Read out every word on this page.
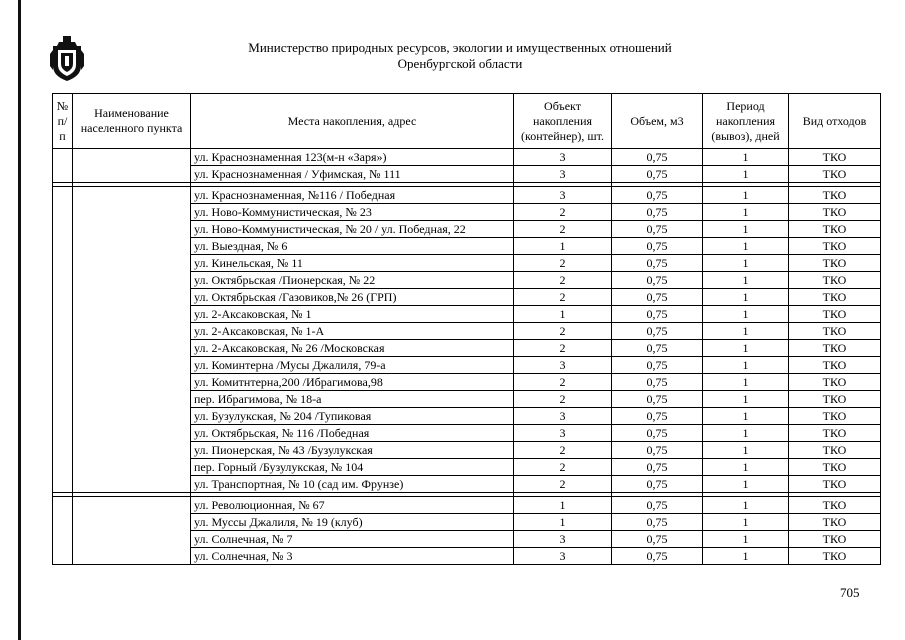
Министерство природных ресурсов, экологии и имущественных отношений
Оренбургской области
№ п/п	Наименование населенного пункта	Места накопления, адрес	Объект накопления (контейнер), шт.	Объем, м3	Период накопления (вывоз), дней	Вид отходов
		ул. Краснознаменная 123(м-н «Заря»)	3	0,75	1	ТКО
		ул. Краснознаменная / Уфимская, № 111	3	0,75	1	ТКО

		ул. Краснознаменная, №116 / Победная	3	0,75	1	ТКО
		ул. Ново-Коммунистическая, № 23	2	0,75	1	ТКО
		ул. Ново-Коммунистическая, № 20 / ул. Победная, 22	2	0,75	1	ТКО
		ул. Выездная, № 6	1	0,75	1	ТКО
		ул. Кинельская, № 11	2	0,75	1	ТКО
		ул. Октябрьская /Пионерская, № 22	2	0,75	1	ТКО
		ул. Октябрьская /Газовиков,№ 26 (ГРП)	2	0,75	1	ТКО
		ул. 2-Аксаковская, № 1	1	0,75	1	ТКО
		ул. 2-Аксаковская, № 1-А	2	0,75	1	ТКО
		ул. 2-Аксаковская, № 26 /Московская	2	0,75	1	ТКО
		ул. Коминтерна /Мусы Джалиля, 79-а	3	0,75	1	ТКО
		ул. Комитнтерна,200 /Ибрагимова,98	2	0,75	1	ТКО
		пер. Ибрагимова, № 18-а	2	0,75	1	ТКО
		ул. Бузулукская, № 204 /Тупиковая	3	0,75	1	ТКО
		ул. Октябрьская, № 116 /Победная	3	0,75	1	ТКО
		ул. Пионерская, № 43 /Бузулукская	2	0,75	1	ТКО
		пер. Горный /Бузулукская, № 104	2	0,75	1	ТКО
		ул. Транспортная, № 10 (сад им. Фрунзе)	2	0,75	1	ТКО

		ул. Революционная, № 67	1	0,75	1	ТКО
		ул. Муссы Джалиля, № 19 (клуб)	1	0,75	1	ТКО
		ул. Солнечная, № 7	3	0,75	1	ТКО
		ул. Солнечная, № 3	3	0,75	1	ТКО
705
